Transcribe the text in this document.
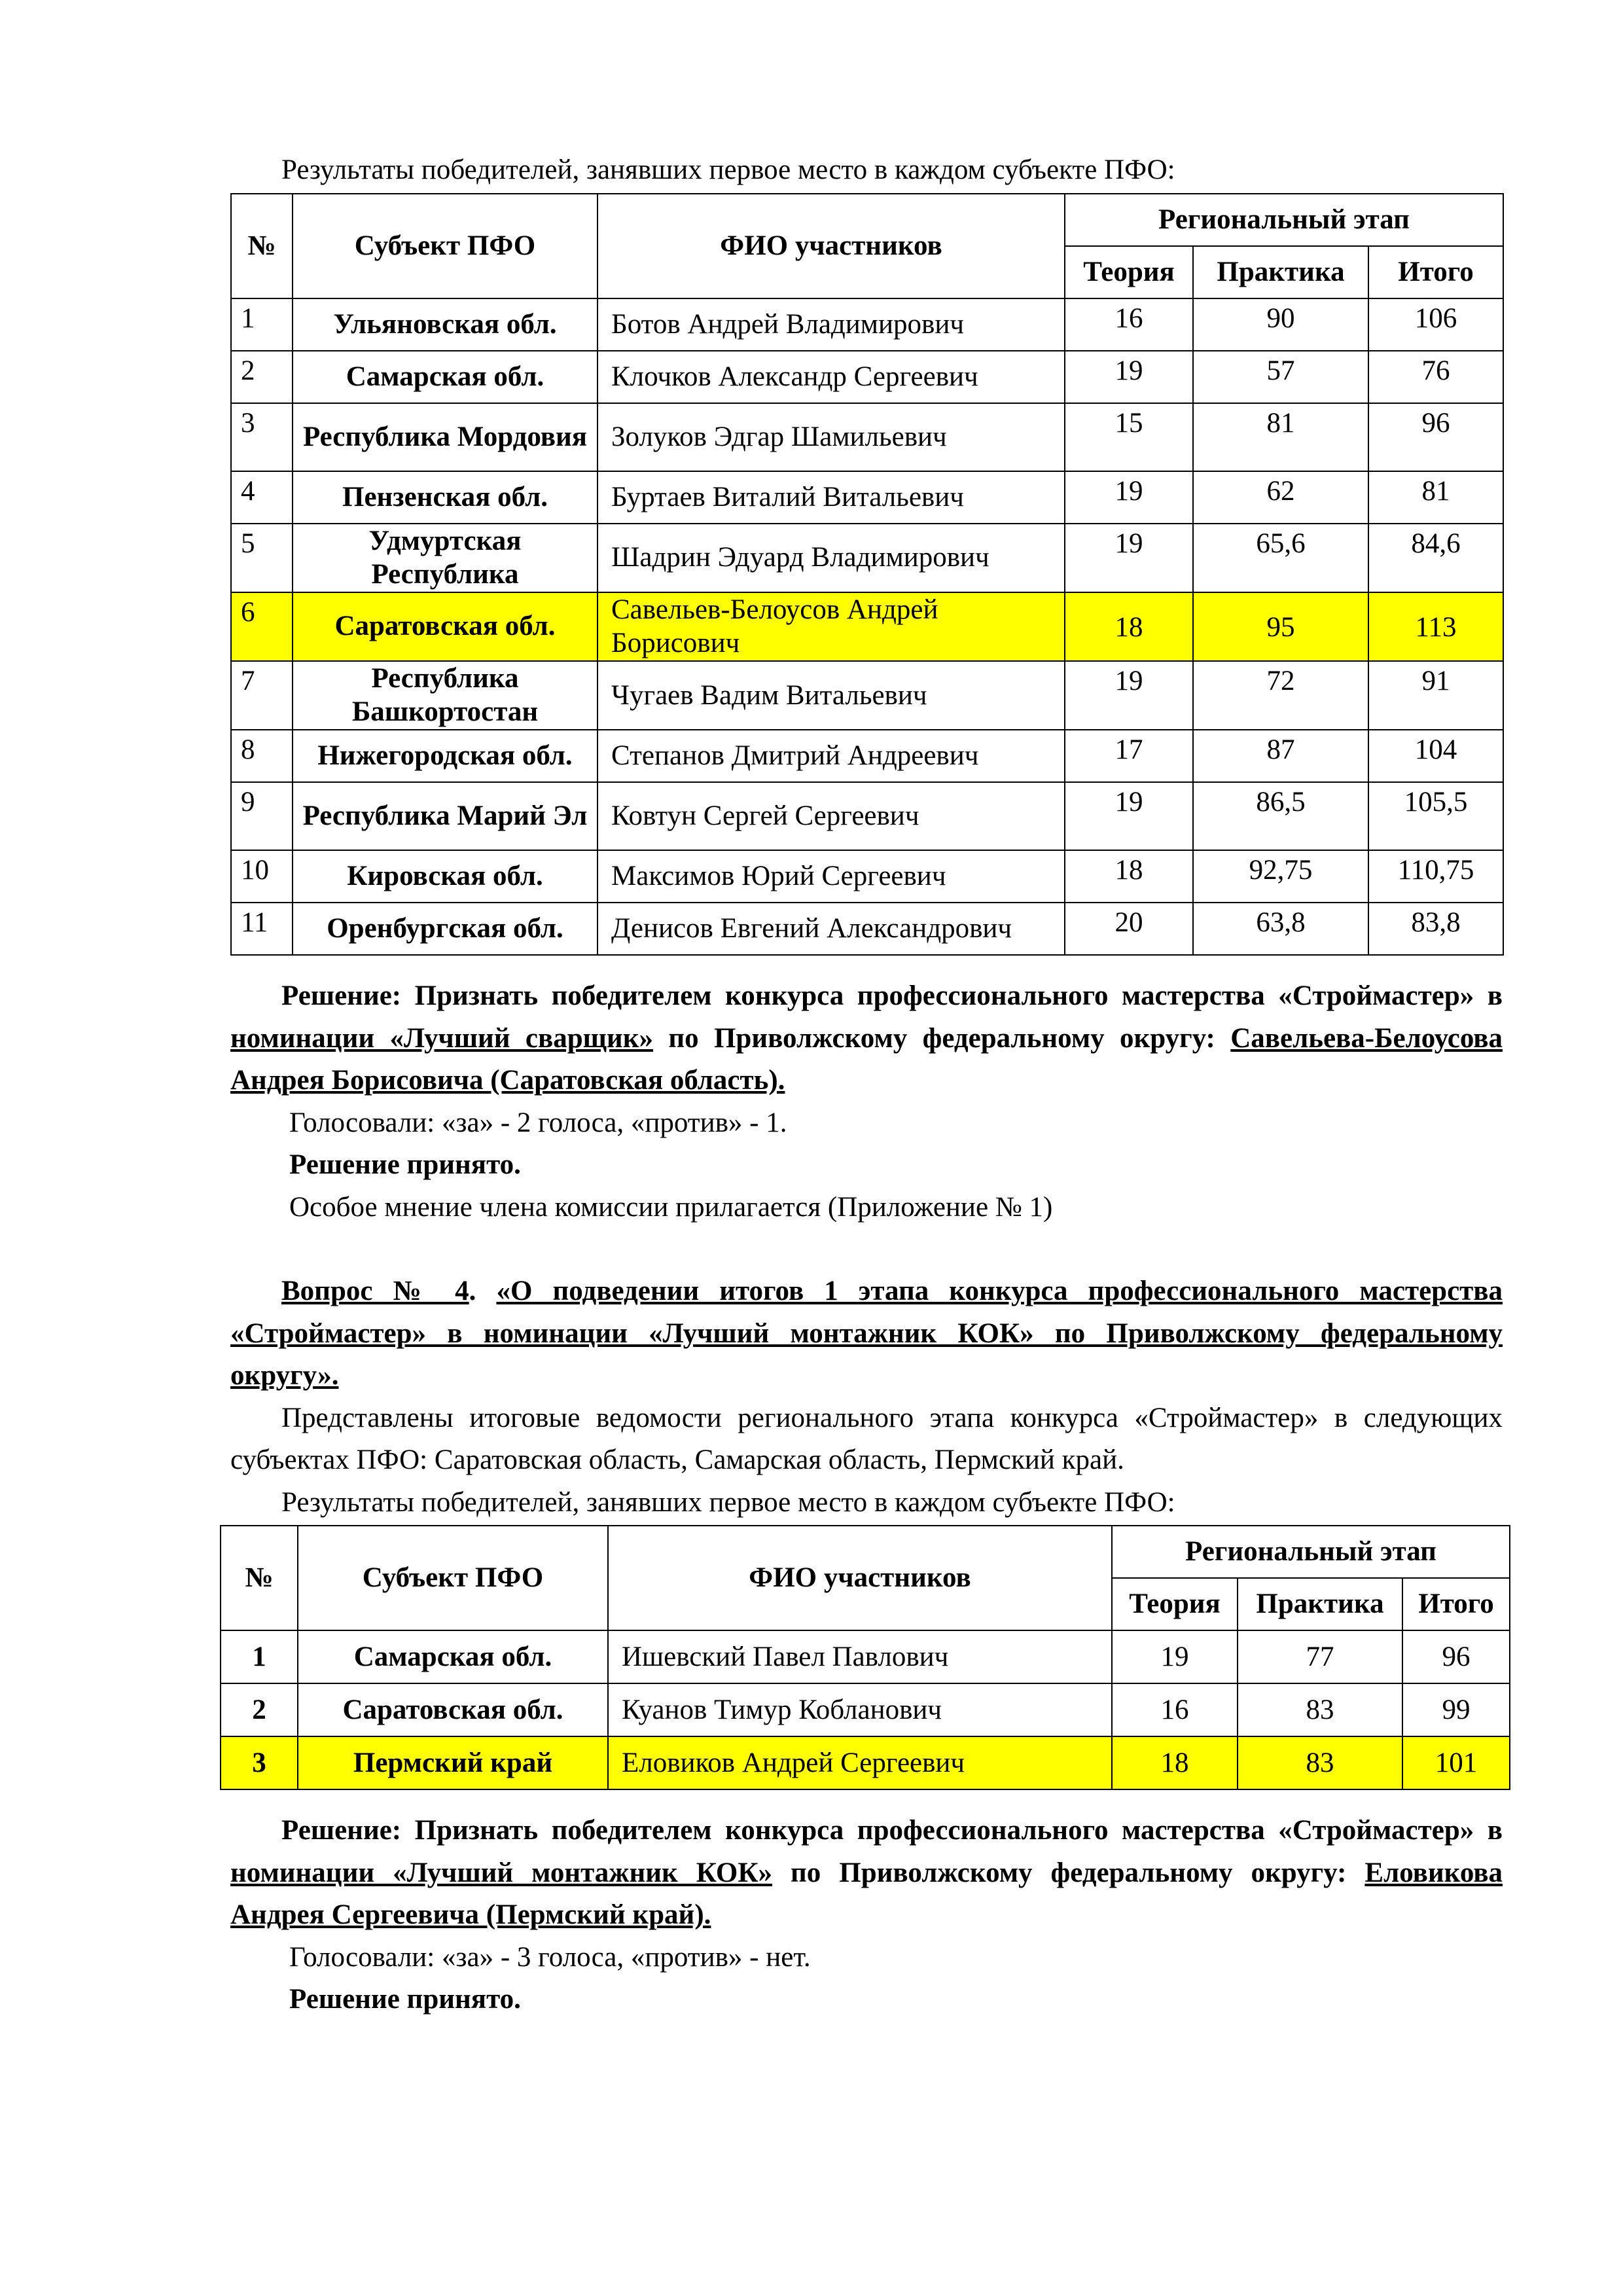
Результаты победителей, занявших первое место в каждом субъекте ПФО:

№	Субъект ПФО	ФИО участников	Региональный этап		
			Теория	Практика	Итого
1	Ульяновская обл.	Ботов Андрей Владимирович	16	90	106
2	Самарская обл.	Клочков Александр Сергеевич	19	57	76
3	Республика Мордовия	Золуков Эдгар Шамильевич	15	81	96
4	Пензенская обл.	Буртаев Виталий Витальевич	19	62	81
5	Удмуртская Республика	Шадрин Эдуард Владимирович	19	65,6	84,6
6	Саратовская обл.	Савельев-Белоусов Андрей Борисович	18	95	113
7	Республика Башкортостан	Чугаев Вадим Витальевич	19	72	91
8	Нижегородская обл.	Степанов Дмитрий Андреевич	17	87	104
9	Республика Марий Эл	Ковтун Сергей Сергеевич	19	86,5	105,5
10	Кировская обл.	Максимов Юрий Сергеевич	18	92,75	110,75
11	Оренбургская обл.	Денисов Евгений Александрович	20	63,8	83,8

Решение: Признать победителем конкурса профессионального мастерства «Строймастер» в номинации «Лучший сварщик» по Приволжскому федеральному округу: Савельева-Белоусова Андрея Борисовича (Саратовская область).

Голосовали: «за» - 2 голоса, «против» - 1.

Решение принято.

Особое мнение члена комиссии прилагается (Приложение № 1)

Вопрос № 4. «О подведении итогов 1 этапа конкурса профессионального мастерства «Строймастер» в номинации «Лучший монтажник КОК» по Приволжскому федеральному округу».

Представлены итоговые ведомости регионального этапа конкурса «Строймастер» в следующих субъектах ПФО: Саратовская область, Самарская область, Пермский край.

Результаты победителей, занявших первое место в каждом субъекте ПФО:

№	Субъект ПФО	ФИО участников	Региональный этап		
			Теория	Практика	Итого
1	Самарская обл.	Ишевский Павел Павлович	19	77	96
2	Саратовская обл.	Куанов Тимур Кобланович	16	83	99
3	Пермский край	Еловиков Андрей Сергеевич	18	83	101

Решение: Признать победителем конкурса профессионального мастерства «Строймастер» в номинации «Лучший монтажник КОК» по Приволжскому федеральному округу: Еловикова Андрея Сергеевича (Пермский край).

Голосовали: «за» - 3 голоса, «против» - нет.

Решение принято.
